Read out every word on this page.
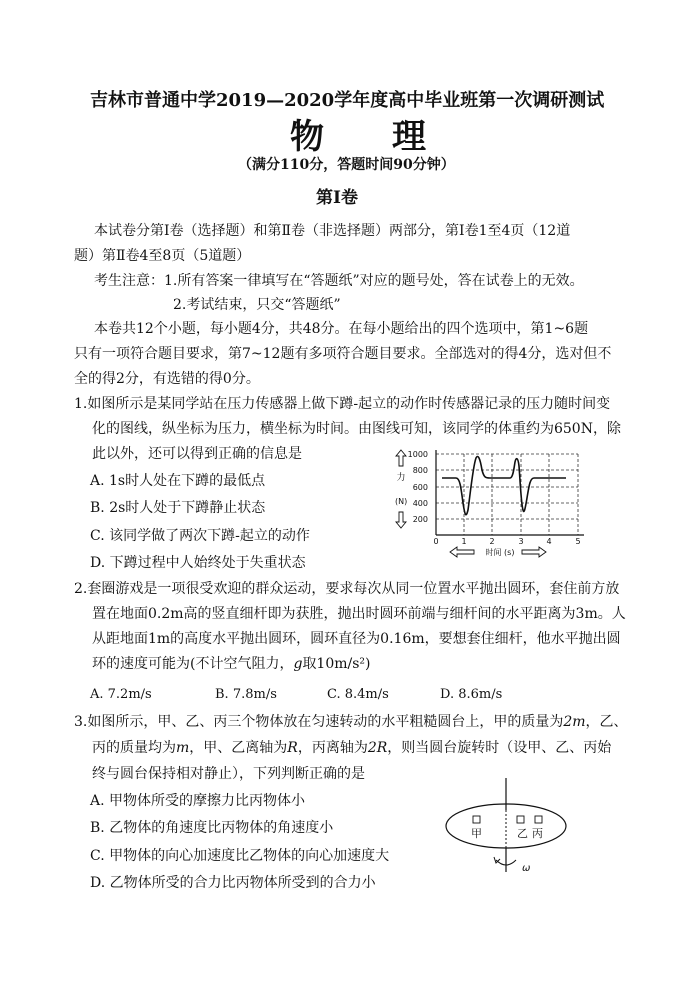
吉林市普通中学2019—2020学年度高中毕业班第一次调研测试
物　　理
（满分110分，答题时间90分钟）
第Ⅰ卷
本试卷分第Ⅰ卷（选择题）和第Ⅱ卷（非选择题）两部分，第Ⅰ卷1至4页（12道
题）第Ⅱ卷4至8页（5道题）
考生注意：1.所有答案一律填写在“答题纸”对应的题号处，答在试卷上的无效。
2.考试结束，只交“答题纸”
本卷共12个小题，每小题4分，共48分。在每小题给出的四个选项中，第1~6题
只有一项符合题目要求，第7~12题有多项符合题目要求。全部选对的得4分，选对但不
全的得2分，有选错的得0分。
1.如图所示是某同学站在压力传感器上做下蹲-起立的动作时传感器记录的压力随时间变
化的图线，纵坐标为压力，横坐标为时间。由图线可知，该同学的体重约为650N，除
此以外，还可以得到正确的信息是
A. 1s时人处在下蹲的最低点
B. 2s时人处于下蹲静止状态
C. 该同学做了两次下蹲-起立的动作
D. 下蹲过程中人始终处于失重状态
1000
800
600
400
200
力
(N)
0	1	2	3	4	5
时间 (s)
2.套圈游戏是一项很受欢迎的群众运动，要求每次从同一位置水平抛出圆环，套住前方放
置在地面0.2m高的竖直细杆即为获胜，抛出时圆环前端与细杆间的水平距离为3m。人
从距地面1m的高度水平抛出圆环，圆环直径为0.16m，要想套住细杆，他水平抛出圆
环的速度可能为(不计空气阻力，g取10m/s²)
A. 7.2m/s	B. 7.8m/s	C. 8.4m/s	D. 8.6m/s
3.如图所示，甲、乙、丙三个物体放在匀速转动的水平粗糙圆台上，甲的质量为2m，乙、
丙的质量均为m，甲、乙离轴为R，丙离轴为2R，则当圆台旋转时（设甲、乙、丙始
终与圆台保持相对静止），下列判断正确的是
A. 甲物体所受的摩擦力比丙物体小
B. 乙物体的角速度比丙物体的角速度小
C. 甲物体的向心加速度比乙物体的向心加速度大
D. 乙物体所受的合力比丙物体所受到的合力小
甲	乙 丙
ω
